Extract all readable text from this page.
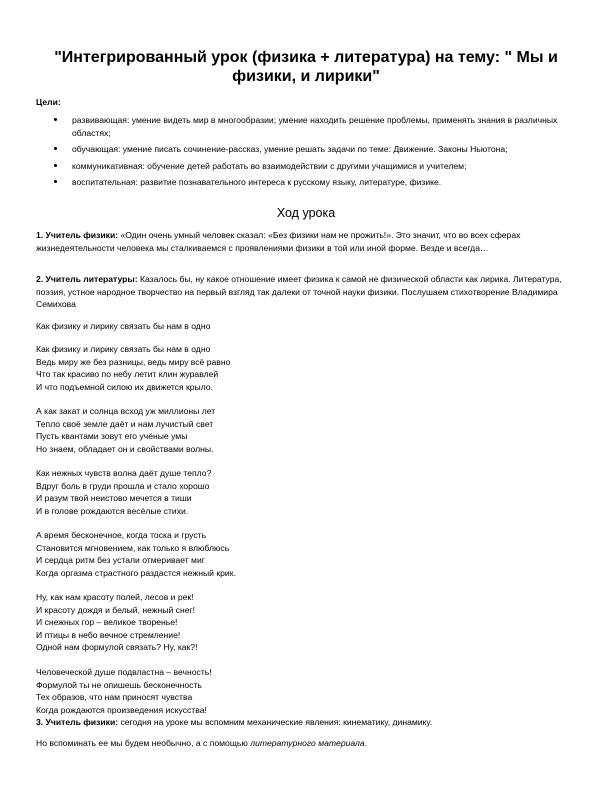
"Интегрированный урок (физика + литература) на тему: " Мы и физики, и лирики"
Цели:
развивающая: умение видеть мир в многообразии; умение находить решение проблемы, применять знания в различных областях;
обучающая: умение писать сочинение-рассказ, умение решать задачи по теме: Движение. Законы Ньютона;
коммуникативная: обучение детей работать во взаимодействии с другими учащимися и учителем;
воспитательная: развитие познавательного интереса к русскому языку, литературе, физике.
Ход урока

1. Учитель физики: «Один очень умный человек сказал: «Без физики нам не прожить!». Это значит, что во всех сферах жизнедеятельности человека мы сталкиваемся с проявлениями физики в той или иной форме. Везде и всегда…

2. Учитель литературы: Казалось бы, ну какое отношение имеет физика к самой не физической области как лирика. Литература, поэзия, устное народное творчество на первый взгляд так далеки от точной науки физики. Послушаем стихотворение Владимира Семихова

Как физику и лирику связать бы нам в одно
Как физику и лирику связать бы нам в одно
Ведь миру же без разницы, ведь миру всё равно
Что так красиво по небу летит клин журавлей
И что подъемной силою их движется крыло.
А как закат и солнца всход уж миллионы лет
Тепло своё земле даёт и нам лучистый свет
Пусть квантами зовут его учёные умы
Но знаем, обладает он и свойствами волны.
Как нежных чувств волна даёт душе тепло?
Вдруг боль в груди прошла и стало хорошо
И разум твой неистово мечется в тиши
И в голове рождаются весёлые стихи.
А время бесконечное, когда тоска и грусть
Становится мгновением, как только я влюблюсь
И сердца ритм без устали отмеривает миг
Когда оргазма страстного раздастся нежный крик.
Ну, как нам красоту полей, лесов и рек!
И красоту дождя и белый, нежный снег!
И снежных гор – великое творенье!
И птицы в небо вечное стремление!
Одной нам формулой связать? Ну, как?!
Человеческой душе подвластна – вечность!
Формулой ты не опишешь бесконечность
Тех образов, что нам приносят чувства
Когда рождаются произведения искусства!

3. Учитель физики: сегодня на уроке мы вспомним механические явления: кинематику, динамику.

Но вспоминать ее мы будем необычно, а с помощью литературного материала.
